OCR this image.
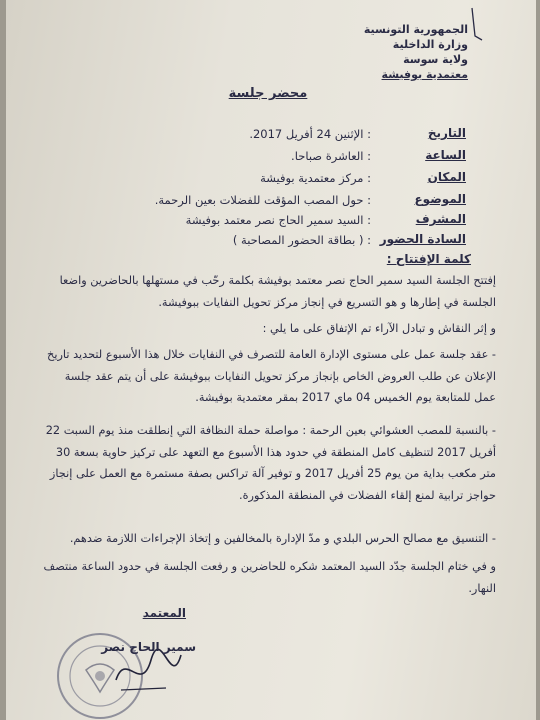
الجمهورية التونسية
وزارة الداخلية
ولاية سوسة
معتمدية بوفيشة
محضر جلسة
التاريخ
: الإثنين 24 أفريل 2017.
الساعة
: العاشرة صباحا.
المكان
: مركز معتمدية بوفيشة
الموضوع
: حول المصب المؤقت للفضلات بعين الرحمة.
المشرف
: السيد سمير الحاج نصر معتمد بوفيشة
السادة الحضور
: ( بطاقة الحضور المصاحبة )
كلمة الإفتتاح :
إفتتح الجلسة السيد سمير الحاج نصر معتمد بوفيشة بكلمة رحّب في مستهلها بالحاضرين واضعا الجلسة في إطارها و هو التسريع في إنجاز مركز تحويل النفايات ببوفيشة.
و إثر النقاش و تبادل الآراء تم الإتفاق على ما يلي :
- عقد جلسة عمل على مستوى الإدارة العامة للتصرف في النفايات خلال هذا الأسبوع لتحديد تاريخ الإعلان عن طلب العروض الخاص بإنجاز مركز تحويل النفايات ببوفيشة على أن يتم عقد جلسة عمل للمتابعة يوم الخميس 04 ماي 2017 بمقر معتمدية بوفيشة.
- بالنسبة للمصب العشوائي بعين الرحمة : مواصلة حملة النظافة التي إنطلقت منذ يوم السبت 22 أفريل 2017 لتنظيف كامل المنطقة في حدود هذا الأسبوع مع التعهد على تركيز حاوية بسعة 30 متر مكعب بداية من يوم 25 أفريل 2017 و توفير آلة تراكس بصفة مستمرة مع العمل على إنجاز حواجز ترابية لمنع إلقاء الفضلات في المنطقة المذكورة.
- التنسيق مع مصالح الحرس البلدي و مدّ الإدارة بالمخالفين و إتخاذ الإجراءات اللازمة ضدهم.
و في ختام الجلسة جدّد السيد المعتمد شكره للحاضرين و رفعت الجلسة في حدود الساعة منتصف النهار.
المعتمد
سمير الحاج نصر
